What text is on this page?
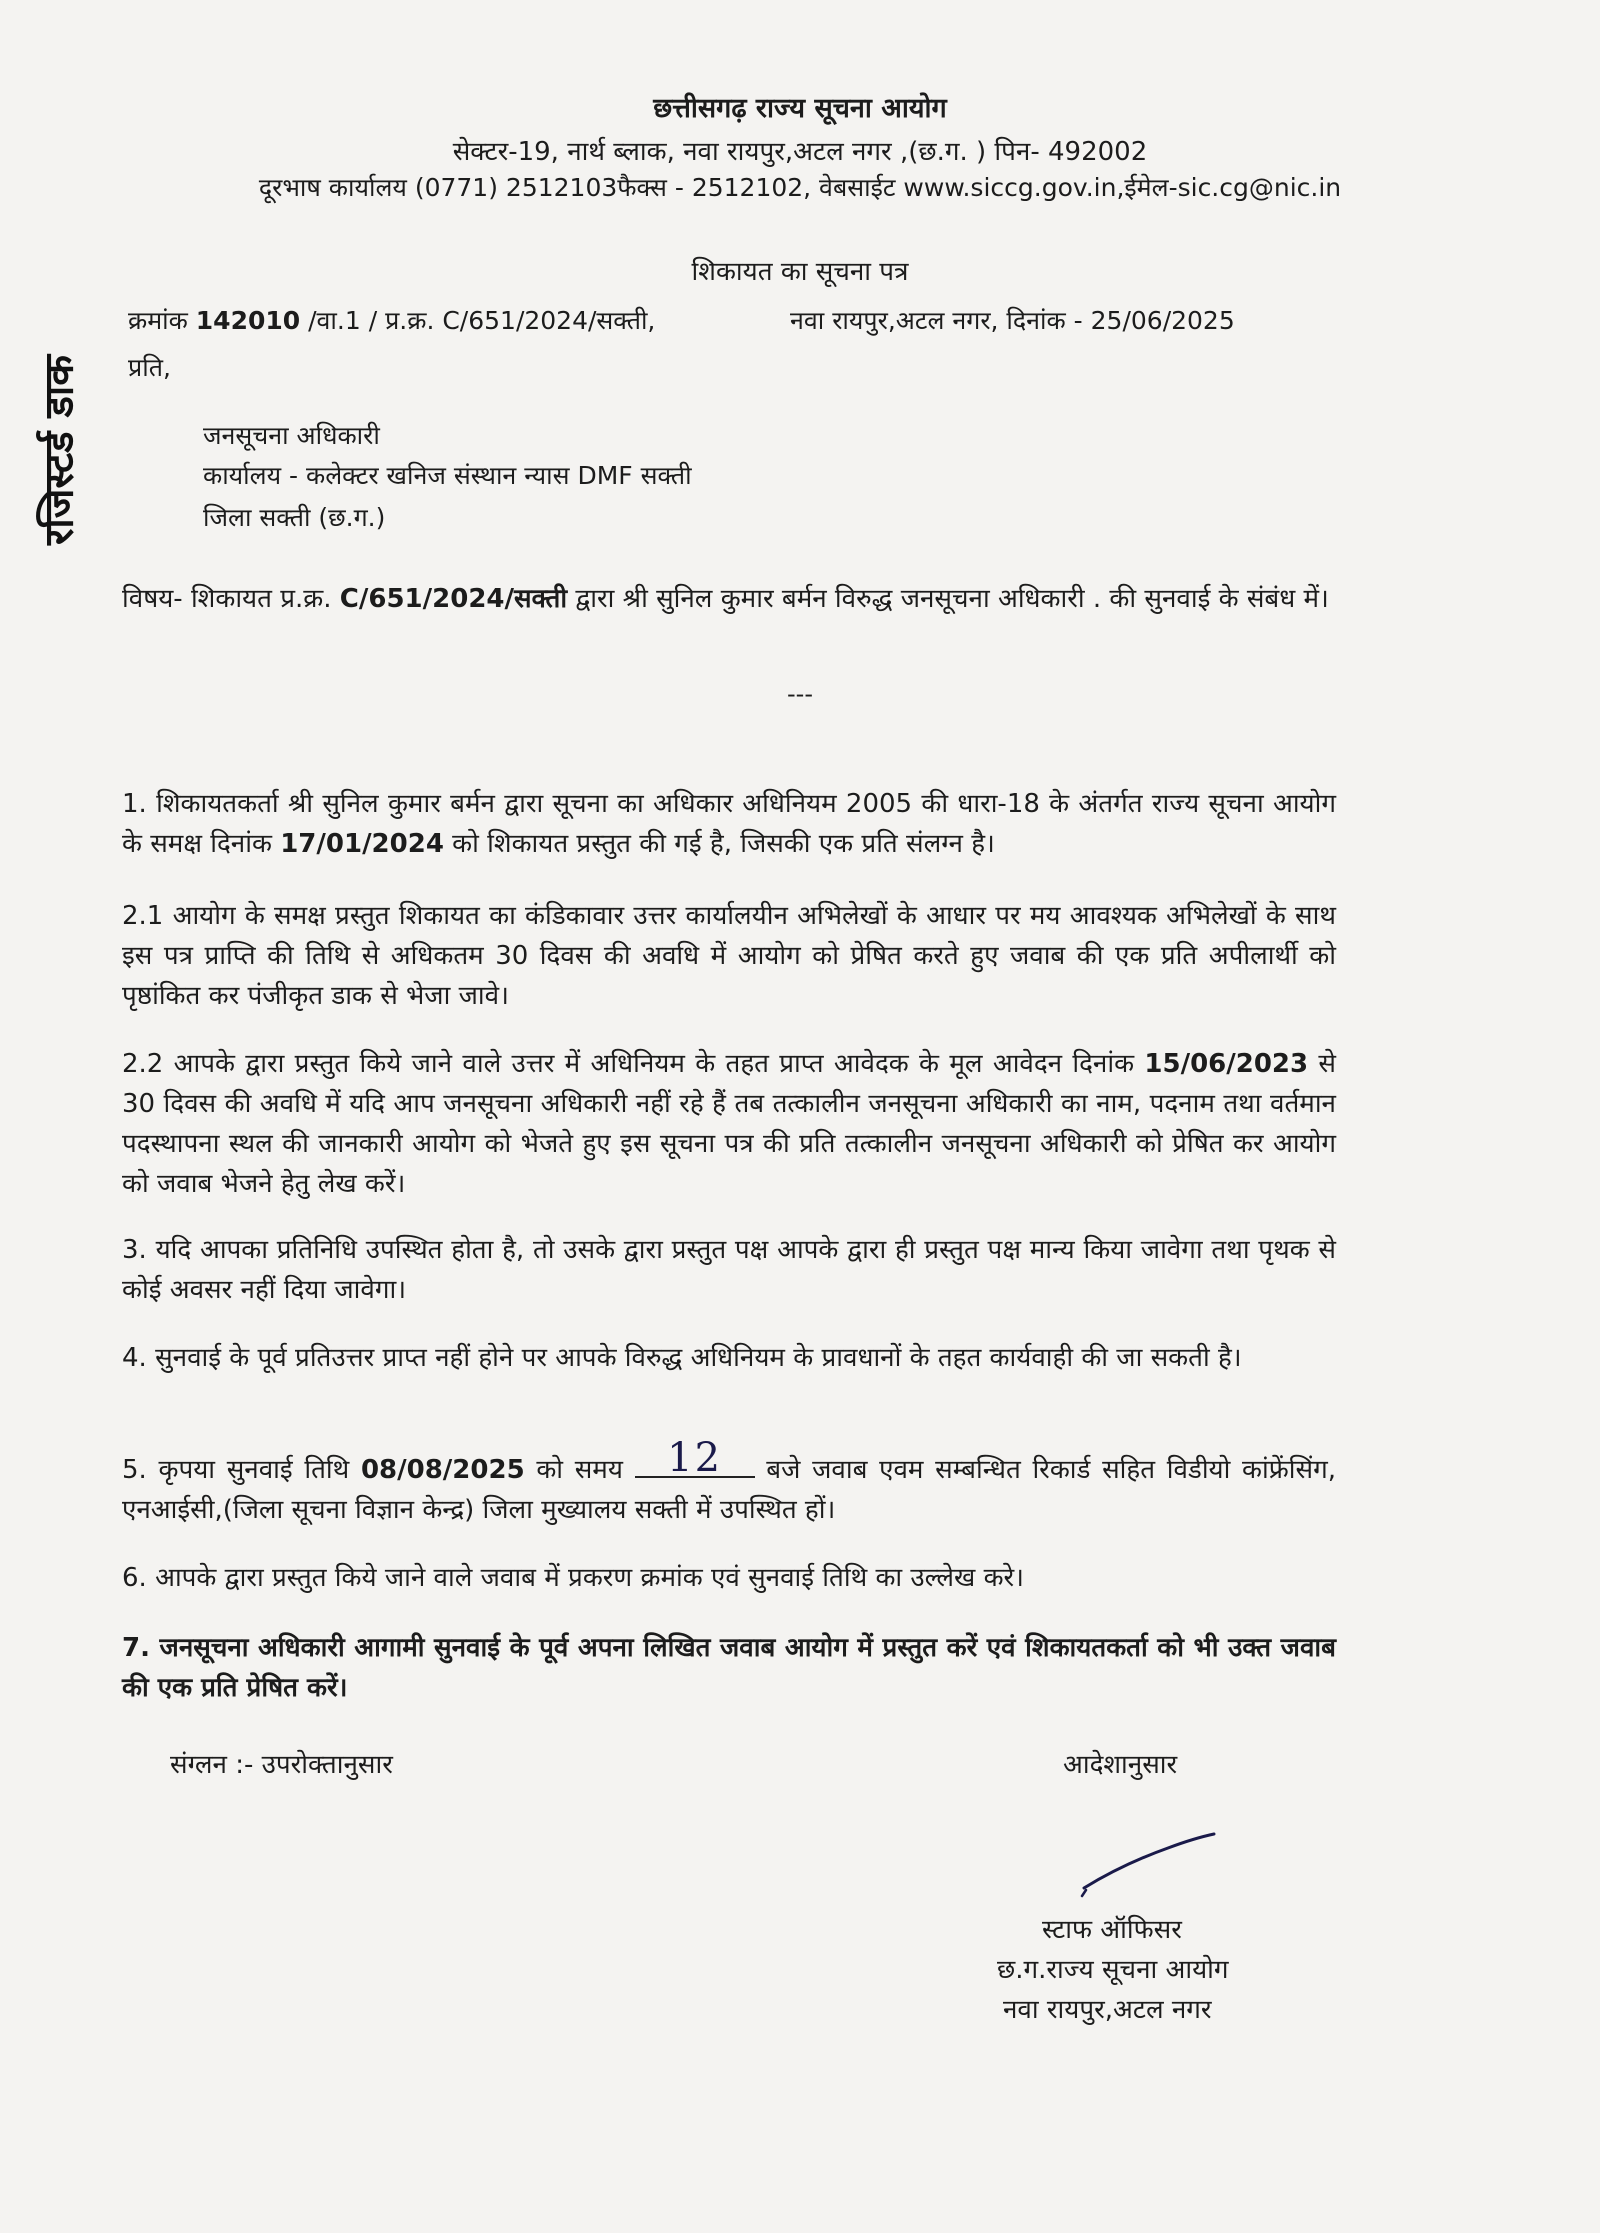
छत्तीसगढ़ राज्य सूचना आयोग
सेक्टर-19, नार्थ ब्लाक, नवा रायपुर,अटल नगर ,(छ.ग. ) पिन- 492002
दूरभाष कार्यालय (0771) 2512103फैक्स - 2512102, वेबसाईट www.siccg.gov.in,ईमेल-sic.cg@nic.in
शिकायत का सूचना पत्र
क्रमांक 142010 /वा.1 / प्र.क्र. C/651/2024/सक्ती,	नवा रायपुर,अटल नगर, दिनांक - 25/06/2025
प्रति,
रजिस्टर्ड डाक	जनसूचना अधिकारी
कार्यालय - कलेक्टर खनिज संस्थान न्यास DMF सक्ती
जिला सक्ती (छ.ग.)
विषय- शिकायत प्र.क्र. C/651/2024/सक्ती द्वारा श्री सुनिल कुमार बर्मन विरुद्ध जनसूचना अधिकारी . की सुनवाई के संबंध में।
---
1. शिकायतकर्ता श्री सुनिल कुमार बर्मन द्वारा सूचना का अधिकार अधिनियम 2005 की धारा-18 के अंतर्गत राज्य सूचना आयोग के समक्ष दिनांक 17/01/2024 को शिकायत प्रस्तुत की गई है, जिसकी एक प्रति संलग्न है।
2.1 आयोग के समक्ष प्रस्तुत शिकायत का कंडिकावार उत्तर कार्यालयीन अभिलेखों के आधार पर मय आवश्यक अभिलेखों के साथ इस पत्र प्राप्ति की तिथि से अधिकतम 30 दिवस की अवधि में आयोग को प्रेषित करते हुए जवाब की एक प्रति अपीलार्थी को पृष्ठांकित कर पंजीकृत डाक से भेजा जावे।
2.2 आपके द्वारा प्रस्तुत किये जाने वाले उत्तर में अधिनियम के तहत प्राप्त आवेदक के मूल आवेदन दिनांक 15/06/2023 से 30 दिवस की अवधि में यदि आप जनसूचना अधिकारी नहीं रहे हैं तब तत्कालीन जनसूचना अधिकारी का नाम, पदनाम तथा वर्तमान पदस्थापना स्थल की जानकारी आयोग को भेजते हुए इस सूचना पत्र की प्रति तत्कालीन जनसूचना अधिकारी को प्रेषित कर आयोग को जवाब भेजने हेतु लेख करें।
3. यदि आपका प्रतिनिधि उपस्थित होता है, तो उसके द्वारा प्रस्तुत पक्ष आपके द्वारा ही प्रस्तुत पक्ष मान्य किया जावेगा तथा पृथक से कोई अवसर नहीं दिया जावेगा।
4. सुनवाई के पूर्व प्रतिउत्तर प्राप्त नहीं होने पर आपके विरुद्ध अधिनियम के प्रावधानों के तहत कार्यवाही की जा सकती है।
5. कृपया सुनवाई तिथि 08/08/2025 को समय 12	बजे जवाब एवम सम्बन्धित रिकार्ड सहित विडीयो कांफ्रेंसिंग, एनआईसी,(जिला सूचना विज्ञान केन्द्र) जिला मुख्यालय सक्ती में उपस्थित हों।
6. आपके द्वारा प्रस्तुत किये जाने वाले जवाब में प्रकरण क्रमांक एवं सुनवाई तिथि का उल्लेख करे।
7. जनसूचना अधिकारी आगामी सुनवाई के पूर्व अपना लिखित जवाब आयोग में प्रस्तुत करें एवं शिकायतकर्ता को भी उक्त जवाब की एक प्रति प्रेषित करें।
संग्लन :- उपरोक्तानुसार	आदेशानुसार
स्टाफ ऑफिसर
छ.ग.राज्य सूचना आयोग
नवा रायपुर,अटल नगर
